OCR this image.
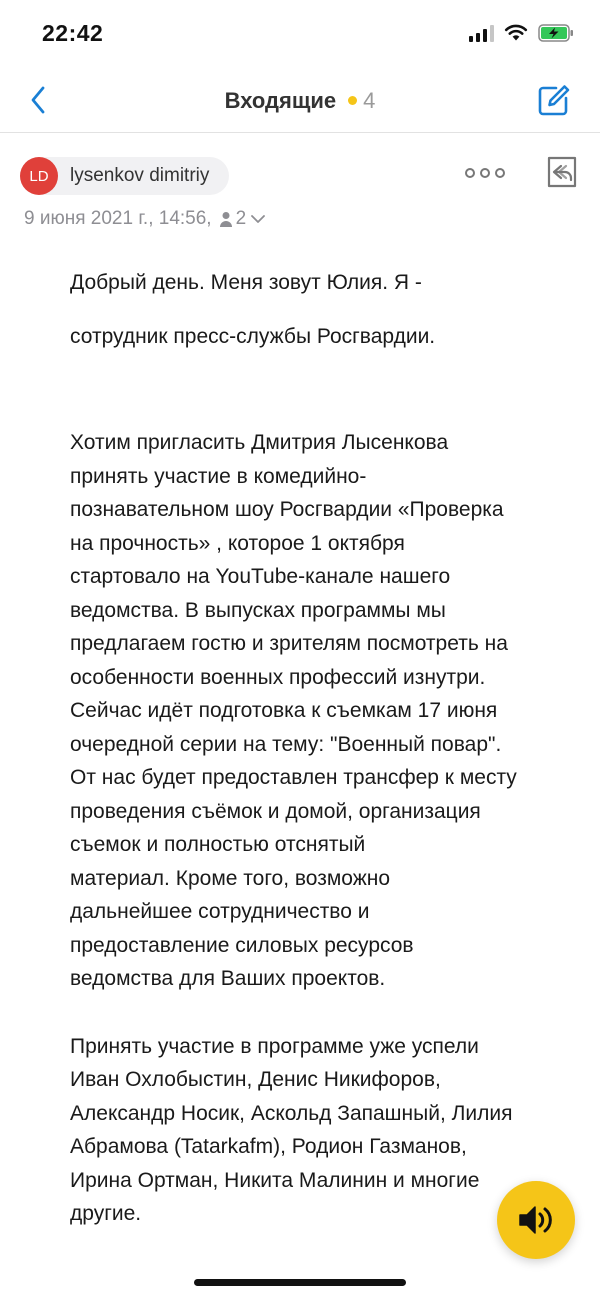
22:42
Входящие 4
LD	lysenkov dimitriy
9 июня 2021 г., 14:56, 2

Добрый день. Меня зовут Юлия. Я -

сотрудник пресс-службы Росгвардии.

Хотим пригласить Дмитрия Лысенкова
принять участие в комедийно-
познавательном шоу Росгвардии «Проверка
на прочность» , которое 1 октября
стартовало на YouTube-канале нашего
ведомства. В выпусках программы мы
предлагаем гостю и зрителям посмотреть на
особенности военных профессий изнутри.
Сейчас идёт подготовка к съемкам 17 июня
очередной серии на тему: "Военный повар".
От нас будет предоставлен трансфер к месту
проведения съёмок и домой, организация
съемок и полностью отснятый
материал. Кроме того, возможно
дальнейшее сотрудничество и
предоставление силовых ресурсов
ведомства для Ваших проектов.

Принять участие в программе уже успели
Иван Охлобыстин, Денис Никифоров,
Александр Носик, Аскольд Запашный, Лилия
Абрамова (Tatarkafm), Родион Газманов,
Ирина Ортман, Никита Малинин и многие
другие.
